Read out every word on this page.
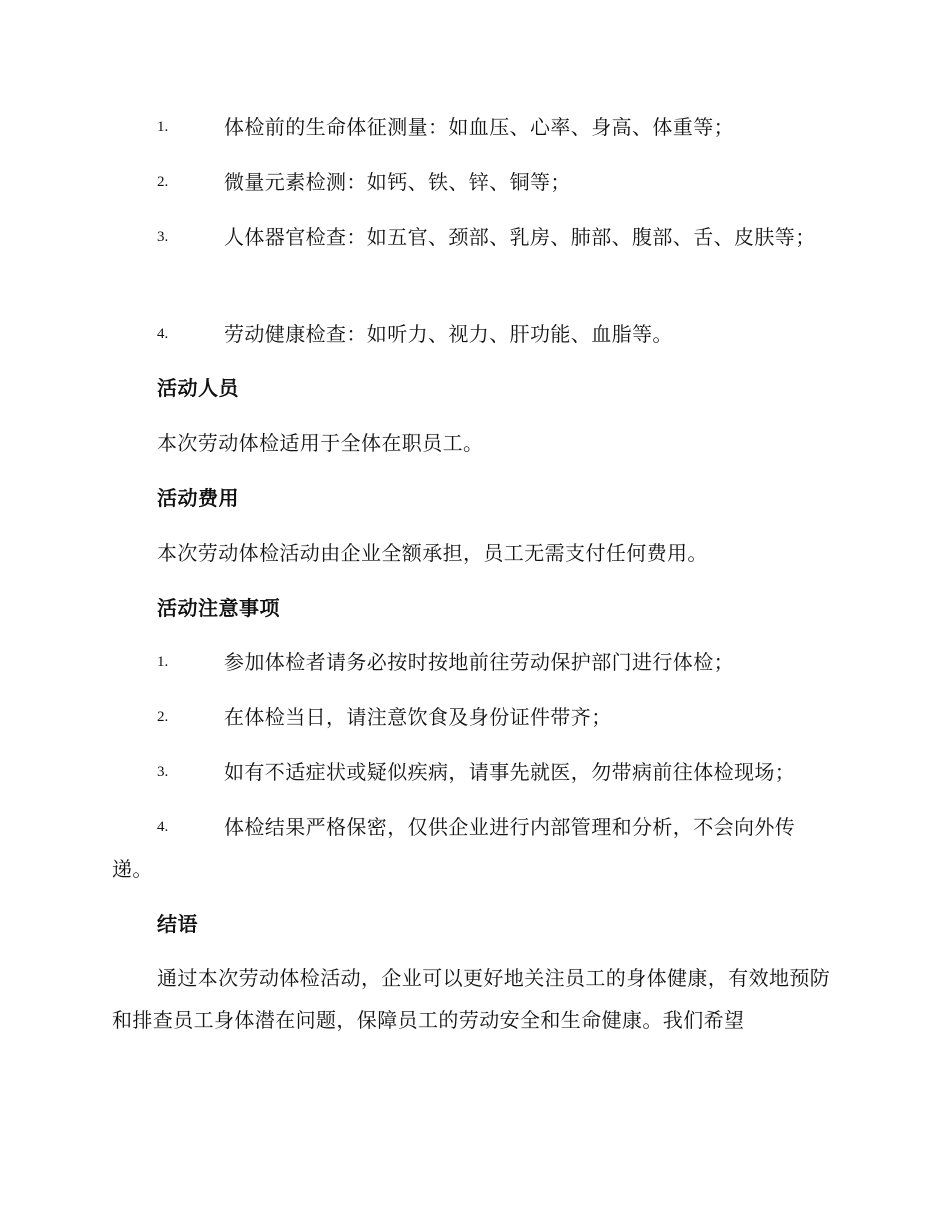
1.	体检前的生命体征测量：如血压、心率、身高、体重等；
2.	微量元素检测：如钙、铁、锌、铜等；
3.	人体器官检查：如五官、颈部、乳房、肺部、腹部、舌、皮肤等；
4.	劳动健康检查：如听力、视力、肝功能、血脂等。
活动人员
本次劳动体检适用于全体在职员工。
活动费用
本次劳动体检活动由企业全额承担，员工无需支付任何费用。
活动注意事项
1.	参加体检者请务必按时按地前往劳动保护部门进行体检；
2.	在体检当日，请注意饮食及身份证件带齐；
3.	如有不适症状或疑似疾病，请事先就医，勿带病前往体检现场；
4.	体检结果严格保密，仅供企业进行内部管理和分析，不会向外传递。
结语
通过本次劳动体检活动，企业可以更好地关注员工的身体健康，有效地预防和排查员工身体潜在问题，保障员工的劳动安全和生命健康。我们希望
